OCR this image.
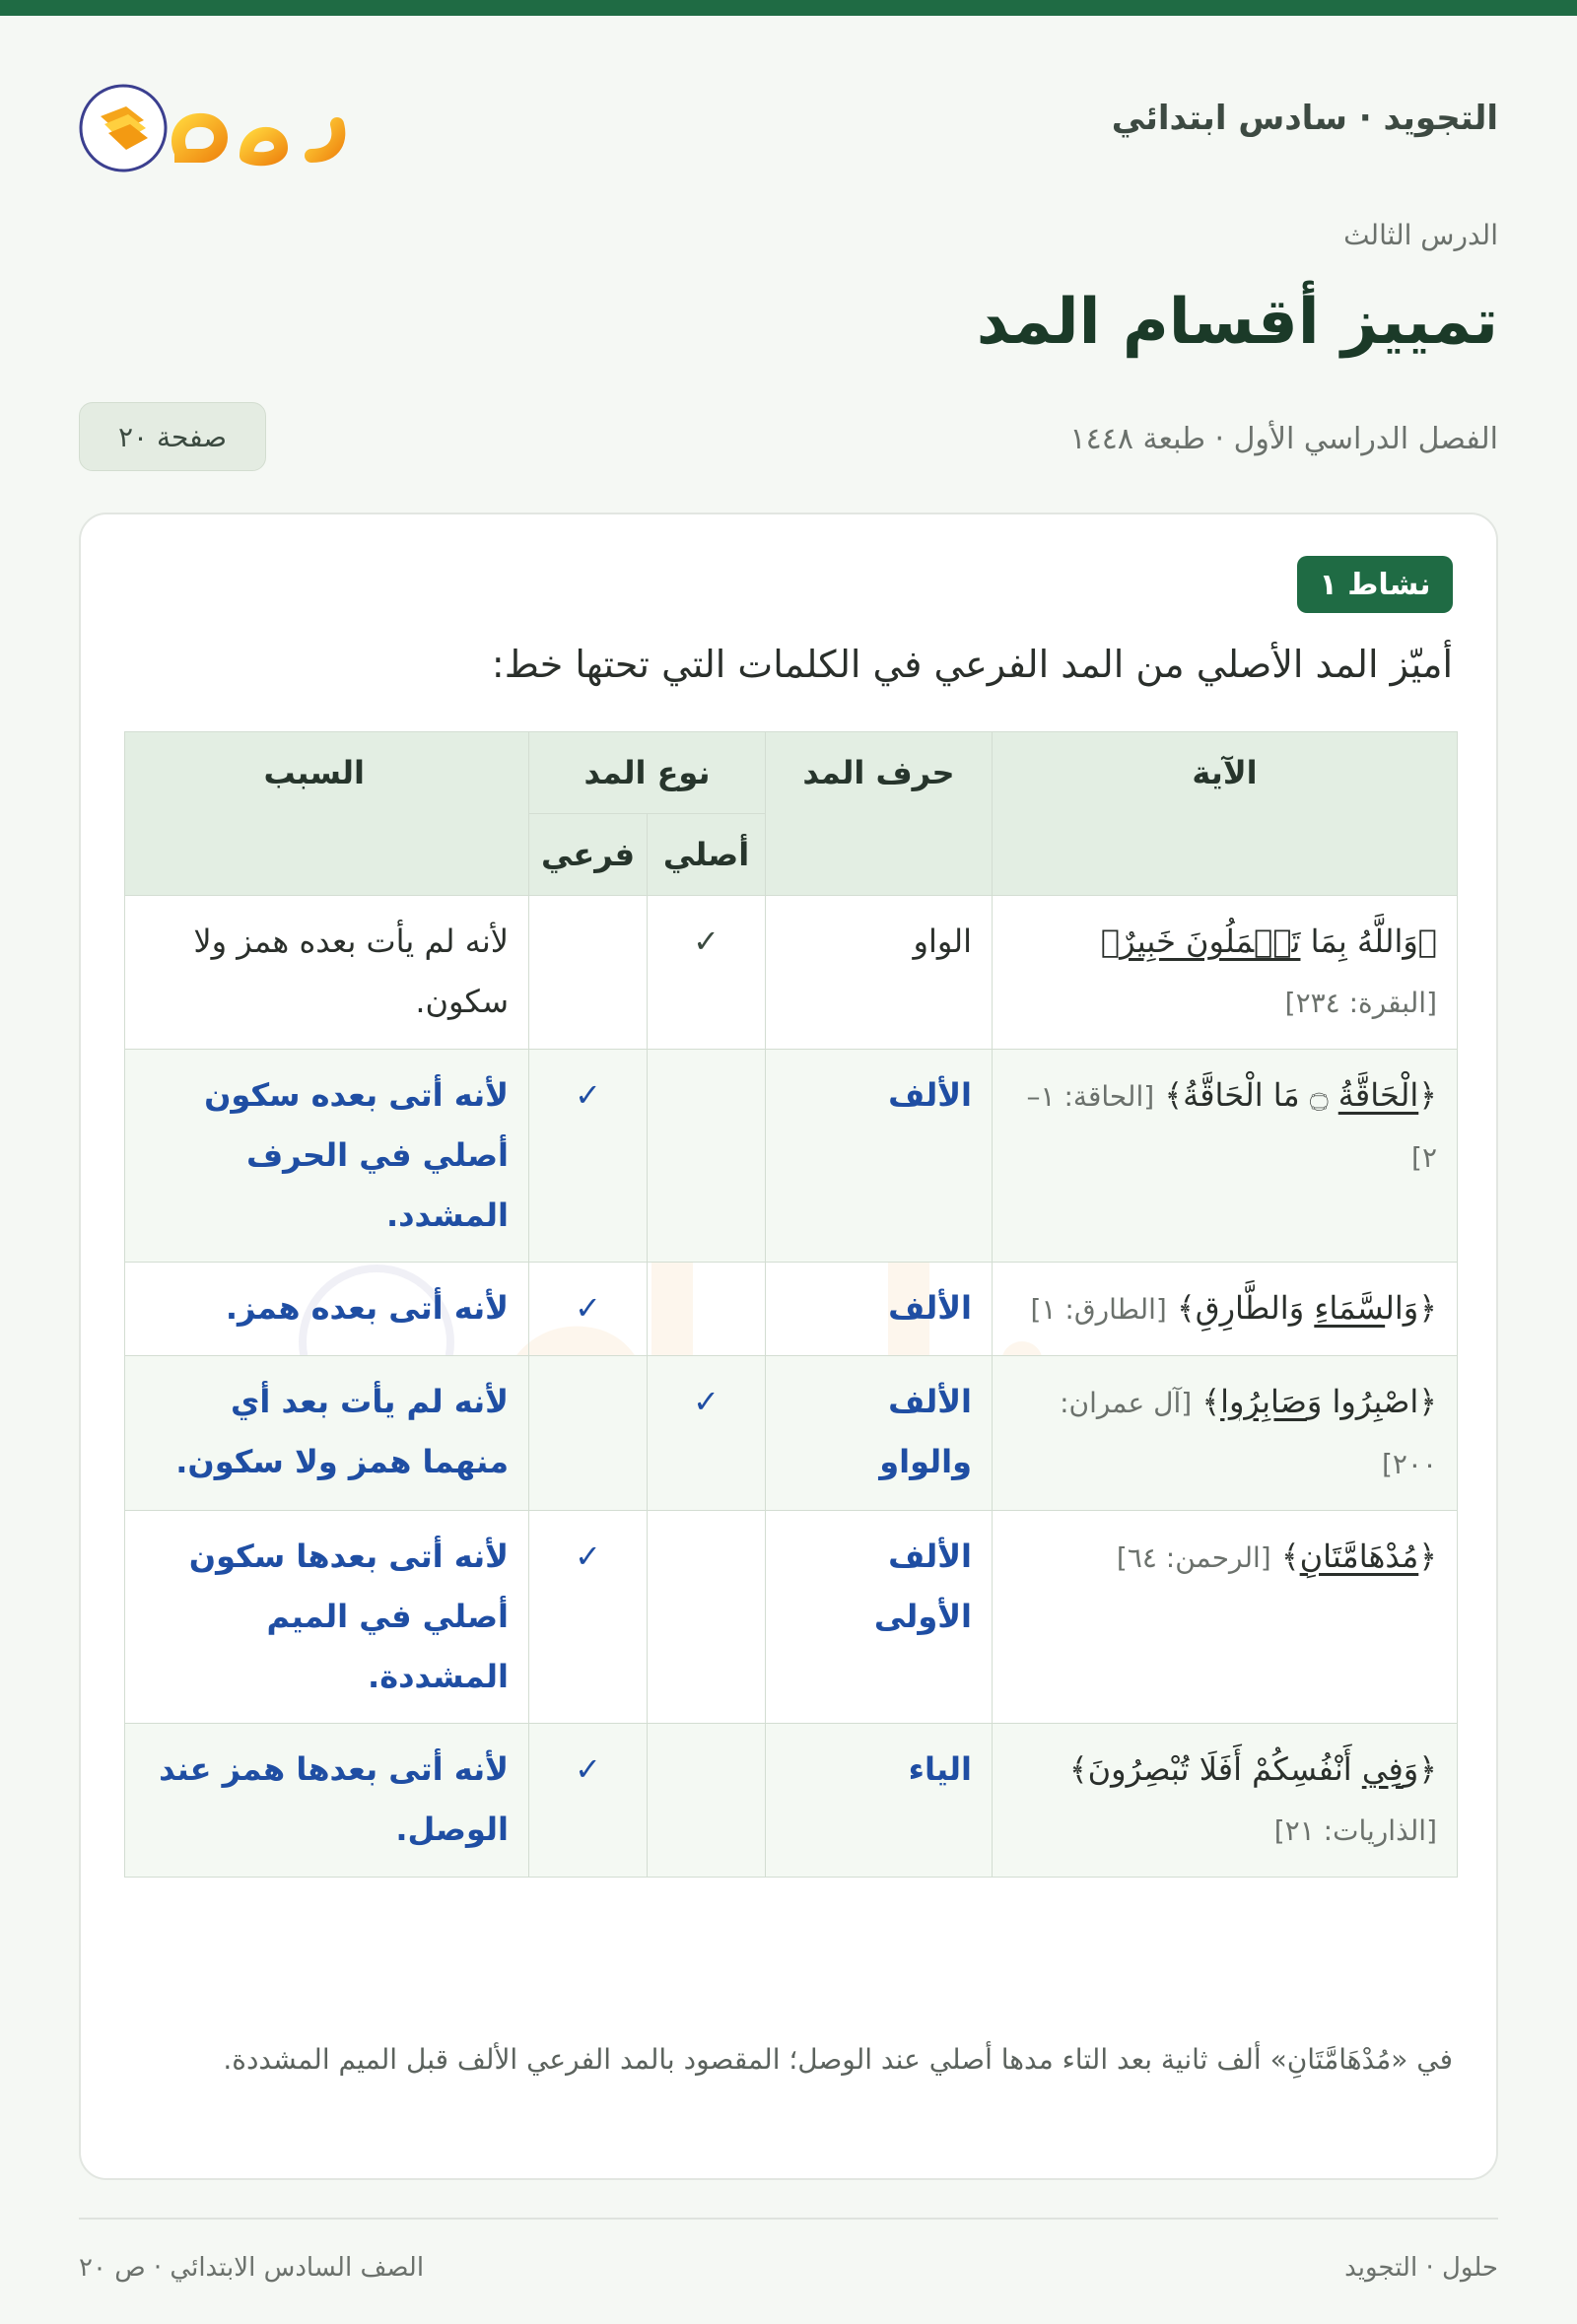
التجويد · سادس ابتدائي
الدرس الثالث
تمييز أقسام المد
الفصل الدراسي الأول · طبعة ١٤٤٨
صفحة ٢٠
نشاط ١
أميّز المد الأصلي من المد الفرعي في الكلمات التي تحتها خط:
الآية	حرف المد	نوع المد		السبب
		أصلي	فرعي	
﴿وَاللَّهُ بِمَا تَعۡمَلُونَ خَبِيرٌ﴾ [البقرة: ٢٣٤]	الواو	✓		لأنه لم يأت بعده همز ولا سكون.
﴿الْحَاقَّةُ ۝ مَا الْحَاقَّةُ﴾ [الحاقة: ١–٢]	الألف		✓	لأنه أتى بعده سكون أصلي في الحرف المشدد.
﴿وَالسَّمَاءِ وَالطَّارِقِ﴾ [الطارق: ١]	الألف		✓	لأنه أتى بعده همز.
﴿اصْبِرُوا وَصَابِرُوا﴾ [آل عمران: ٢٠٠]	الألف والواو	✓		لأنه لم يأت بعد أي منهما همز ولا سكون.
﴿مُدْهَامَّتَانِ﴾ [الرحمن: ٦٤]	الألف الأولى		✓	لأنه أتى بعدها سكون أصلي في الميم المشددة.
﴿وَفِي أَنْفُسِكُمْ أَفَلَا تُبْصِرُونَ﴾ [الذاريات: ٢١]	الياء		✓	لأنه أتى بعدها همز عند الوصل.
في «مُدْهَامَّتَانِ» ألف ثانية بعد التاء مدها أصلي عند الوصل؛ المقصود بالمد الفرعي الألف قبل الميم المشددة.
حلول · التجويد
الصف السادس الابتدائي · ص ٢٠
